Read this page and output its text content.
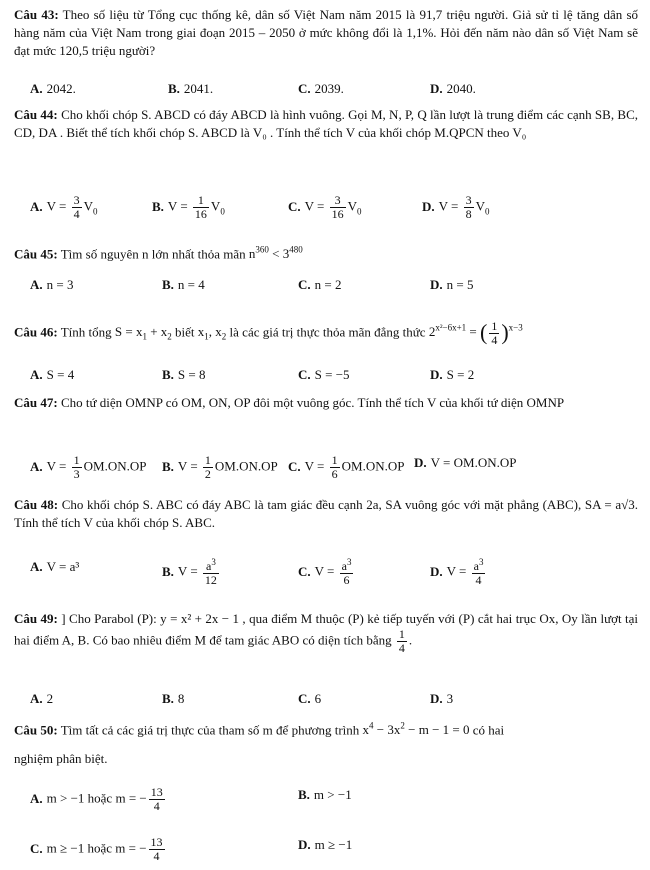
Câu 43: Theo số liệu từ Tổng cục thống kê, dân số Việt Nam năm 2015 là 91,7 triệu người. Giả sử tỉ lệ tăng dân số hàng năm của Việt Nam trong giai đoạn 2015 – 2050 ở mức không đổi là 1,1%. Hỏi đến năm nào dân số Việt Nam sẽ đạt mức 120,5 triệu người?

A. 2042.	B. 2041.	C. 2039.	D. 2040.

Câu 44: Cho khối chóp S. ABCD có đáy ABCD là hình vuông. Gọi M, N, P, Q lần lượt là trung điểm các cạnh SB, BC, CD, DA . Biết thể tích khối chóp S. ABCD là V₀ . Tính thể tích V của khối chóp M.QPCN theo V₀

A. $V = \frac{3}{4} V_0$	B. $V = \frac{1}{16} V_0$	C. $V = \frac{3}{16} V_0$	D. $V = \frac{3}{8} V_0$

Câu 45: Tìm số nguyên n lớn nhất thỏa mãn $n^{360} < 3^{480}$

A. n = 3	B. n = 4	C. n = 2	D. n = 5

Câu 46: Tính tổng $S = x_1 + x_2$ biết $x_1$, $x_2$ là các giá trị thực thỏa mãn đẳng thức $2^{x^2-6x+1}$ = ( $\frac{1}{4} )^{x-3}$

A. S = 4	B. S = 8	C. S = −5	D. S = 2

Câu 47: Cho tứ diện OMNP có OM, ON, OP đôi một vuông góc. Tính thể tích V của khối tứ diện OMNP

A. $V = \frac{1}{3} OM.ON.OP$ B. $V = \frac{1}{2} OM.ON.OP$ C. $V = \frac{1}{6} OM.ON.OP$ D. V = OM.ON.OP

Câu 48: Cho khối chóp S. ABC có đáy ABC là tam giác đều cạnh 2a, SA vuông góc với mặt phẳng (ABC), SA = a√3. Tính thể tích V của khối chóp S. ABC.

A. V = a³	B. $V = \frac{a^3}{12}$	C. $V = \frac{a^3}{6}$	D. $V = \frac{a^3}{4}$

Câu 49: ] Cho Parabol (P): y = x² + 2x − 1 , qua điểm M thuộc (P) kẻ tiếp tuyến với (P) cắt hai trục Ox, Oy lần lượt tại hai điểm A, B. Có bao nhiêu điểm M để tam giác ABO có diện tích bằng $\frac{1}{4}$ .

A. 2	B. 8	C. 6	D. 3

Câu 50: Tìm tất cả các giá trị thực của tham số m để phương trình $x^4 - 3x^2 - m - 1 = 0$ có hai

nghiệm phân biệt.

A. m > −1 hoặc m = − $\frac{13}{4}$	B. m > −1
C. m ≥ −1 hoặc m = − $\frac{13}{4}$	D. m ≥ −1
